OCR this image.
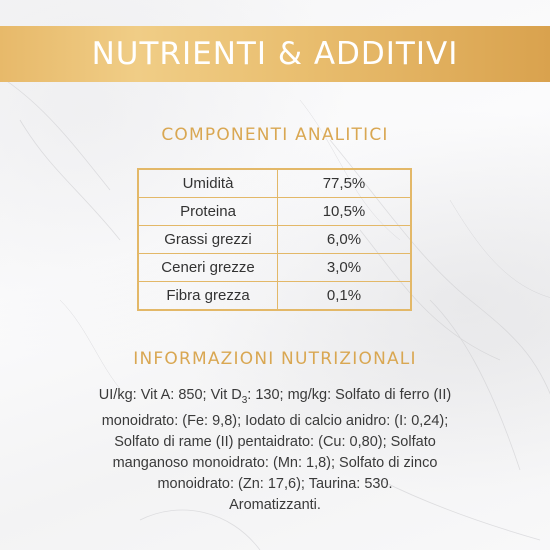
NUTRIENTI & ADDITIVI
COMPONENTI ANALITICI
Umidità	77,5%
Proteina	10,5%
Grassi grezzi	6,0%
Ceneri grezze	3,0%
Fibra grezza	0,1%
INFORMAZIONI NUTRIZIONALI

UI/kg: Vit A: 850; Vit $D_3$: 130; mg/kg: Solfato di ferro (II)

monoidrato: (Fe: 9,8); Iodato di calcio anidro: (I: 0,24);

Solfato di rame (II) pentaidrato: (Cu: 0,80); Solfato

manganoso monoidrato: (Mn: 1,8); Solfato di zinco

monoidrato: (Zn: 17,6); Taurina: 530.

Aromatizzanti.
